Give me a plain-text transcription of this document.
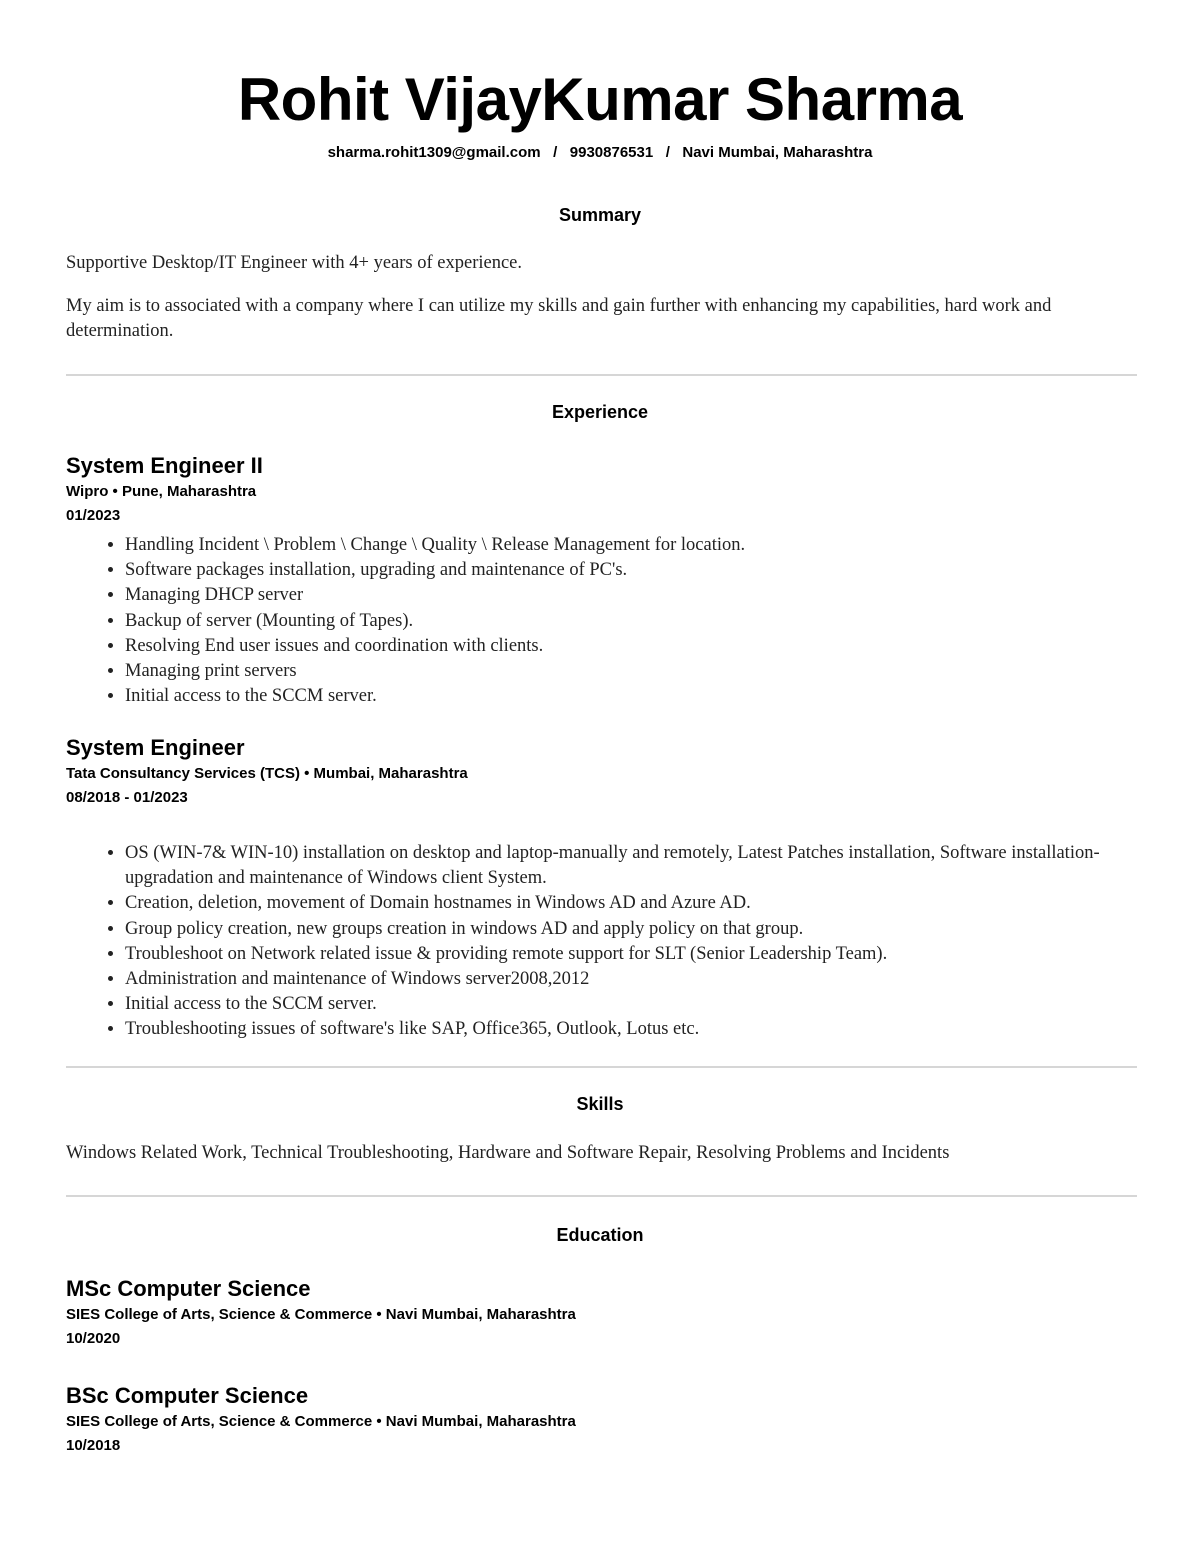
Rohit VijayKumar Sharma
sharma.rohit1309@gmail.com   /   9930876531   /   Navi Mumbai, Maharashtra
Summary
Supportive Desktop/IT Engineer with 4+ years of experience.
My aim is to associated with a company where I can utilize my skills and gain further with enhancing my capabilities, hard work and determination.
Experience
System Engineer II
Wipro • Pune, Maharashtra
01/2023
• Handling Incident \ Problem \ Change \ Quality \ Release Management for location.
• Software packages installation, upgrading and maintenance of PC's.
• Managing DHCP server
• Backup of server (Mounting of Tapes).
• Resolving End user issues and coordination with clients.
• Managing print servers
• Initial access to the SCCM server.
System Engineer
Tata Consultancy Services (TCS) • Mumbai, Maharashtra
08/2018 - 01/2023
• OS (WIN-7& WIN-10) installation on desktop and laptop-manually and remotely, Latest Patches installation, Software installation-upgradation and maintenance of Windows client System.
• Creation, deletion, movement of Domain hostnames in Windows AD and Azure AD.
• Group policy creation, new groups creation in windows AD and apply policy on that group.
• Troubleshoot on Network related issue & providing remote support for SLT (Senior Leadership Team).
• Administration and maintenance of Windows server2008,2012
• Initial access to the SCCM server.
• Troubleshooting issues of software's like SAP, Office365, Outlook, Lotus etc.
Skills
Windows Related Work, Technical Troubleshooting, Hardware and Software Repair, Resolving Problems and Incidents
Education
MSc Computer Science
SIES College of Arts, Science & Commerce • Navi Mumbai, Maharashtra
10/2020
BSc Computer Science
SIES College of Arts, Science & Commerce • Navi Mumbai, Maharashtra
10/2018
